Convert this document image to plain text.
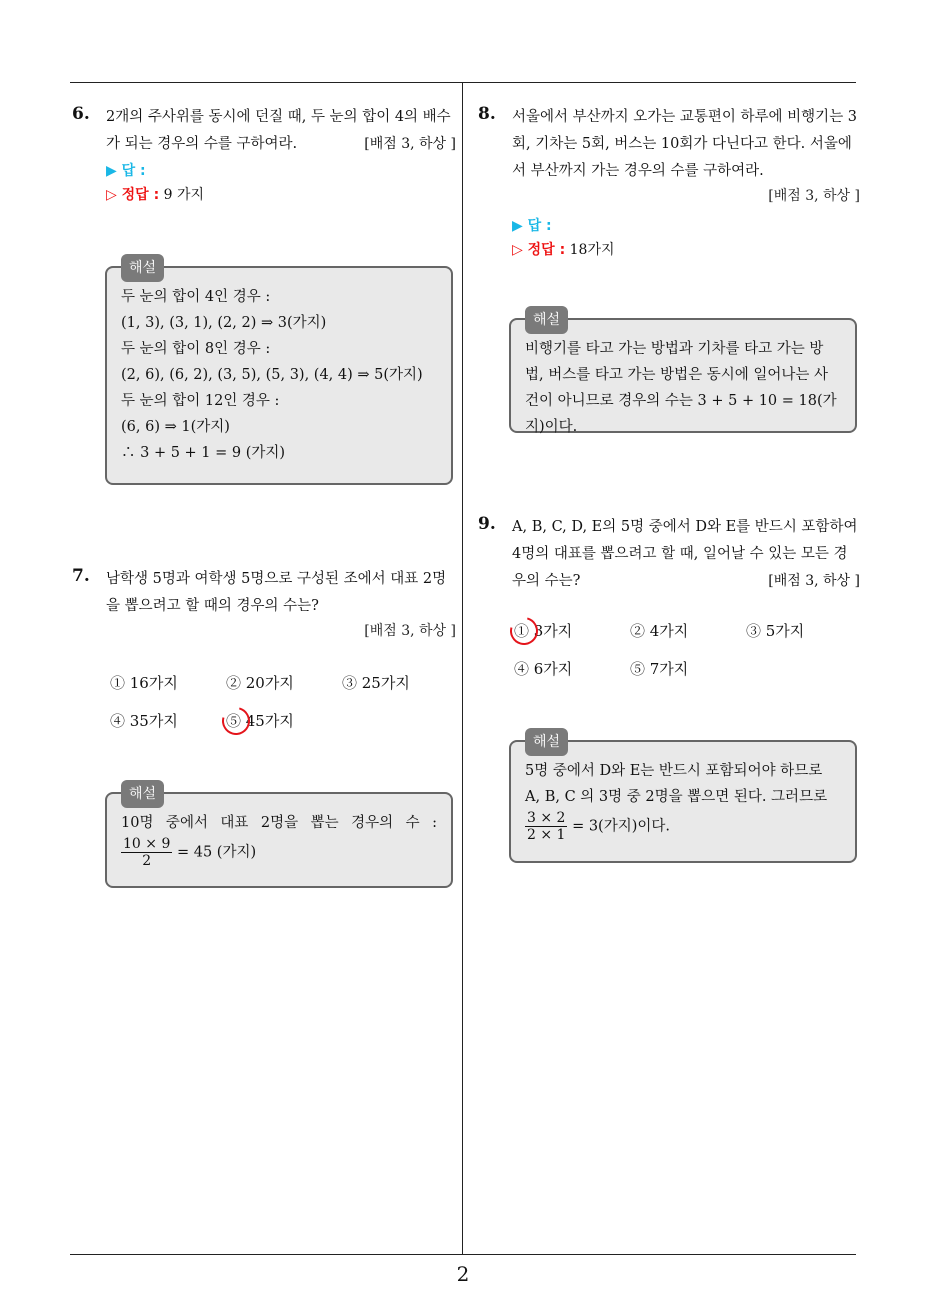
2
6. 2개의 주사위를 동시에 던질 때, 두 눈의 합이 4의 배수가 되는 경우의 수를 구하여라.	[배점 3, 하상 ]
▶ 답 :
▷ 정답 : 9 가지
해설
두 눈의 합이 4인 경우 :
(1, 3), (3, 1), (2, 2) ⇒ 3(가지)
두 눈의 합이 8인 경우 :
(2, 6), (6, 2), (3, 5), (5, 3), (4, 4) ⇒ 5(가지)
두 눈의 합이 12인 경우 :
(6, 6) ⇒ 1(가지)
∴ 3 + 5 + 1 = 9 (가지)
7. 남학생 5명과 여학생 5명으로 구성된 조에서 대표 2명을 뽑으려고 할 때의 경우의 수는?
[배점 3, 하상 ]
① 16가지	② 20가지	③ 25가지
④ 35가지	⑤ 45가지
해설
10명 중에서 대표 2명을 뽑는 경우의 수 :
$\frac{10 \times 9}{2} = 45$ (가지)
8. 서울에서 부산까지 오가는 교통편이 하루에 비행기는 3회, 기차는 5회, 버스는 10회가 다닌다고 한다. 서울에서 부산까지 가는 경우의 수를 구하여라.
[배점 3, 하상 ]
▶ 답 :
▷ 정답 : 18가지
해설
비행기를 타고 가는 방법과 기차를 타고 가는 방법, 버스를 타고 가는 방법은 동시에 일어나는 사건이 아니므로 경우의 수는 3 + 5 + 10 = 18(가지)이다.
9. A, B, C, D, E의 5명 중에서 D와 E를 반드시 포함하여 4명의 대표를 뽑으려고 할 때, 일어날 수 있는 모든 경우의 수는?	[배점 3, 하상 ]
① 3가지	② 4가지	③ 5가지
④ 6가지	⑤ 7가지
해설
5명 중에서 D와 E는 반드시 포함되어야 하므로 A, B, C 의 3명 중 2명을 뽑으면 된다. 그러므로
$\frac{3 \times 2}{2 \times 1} = 3$(가지)이다.
